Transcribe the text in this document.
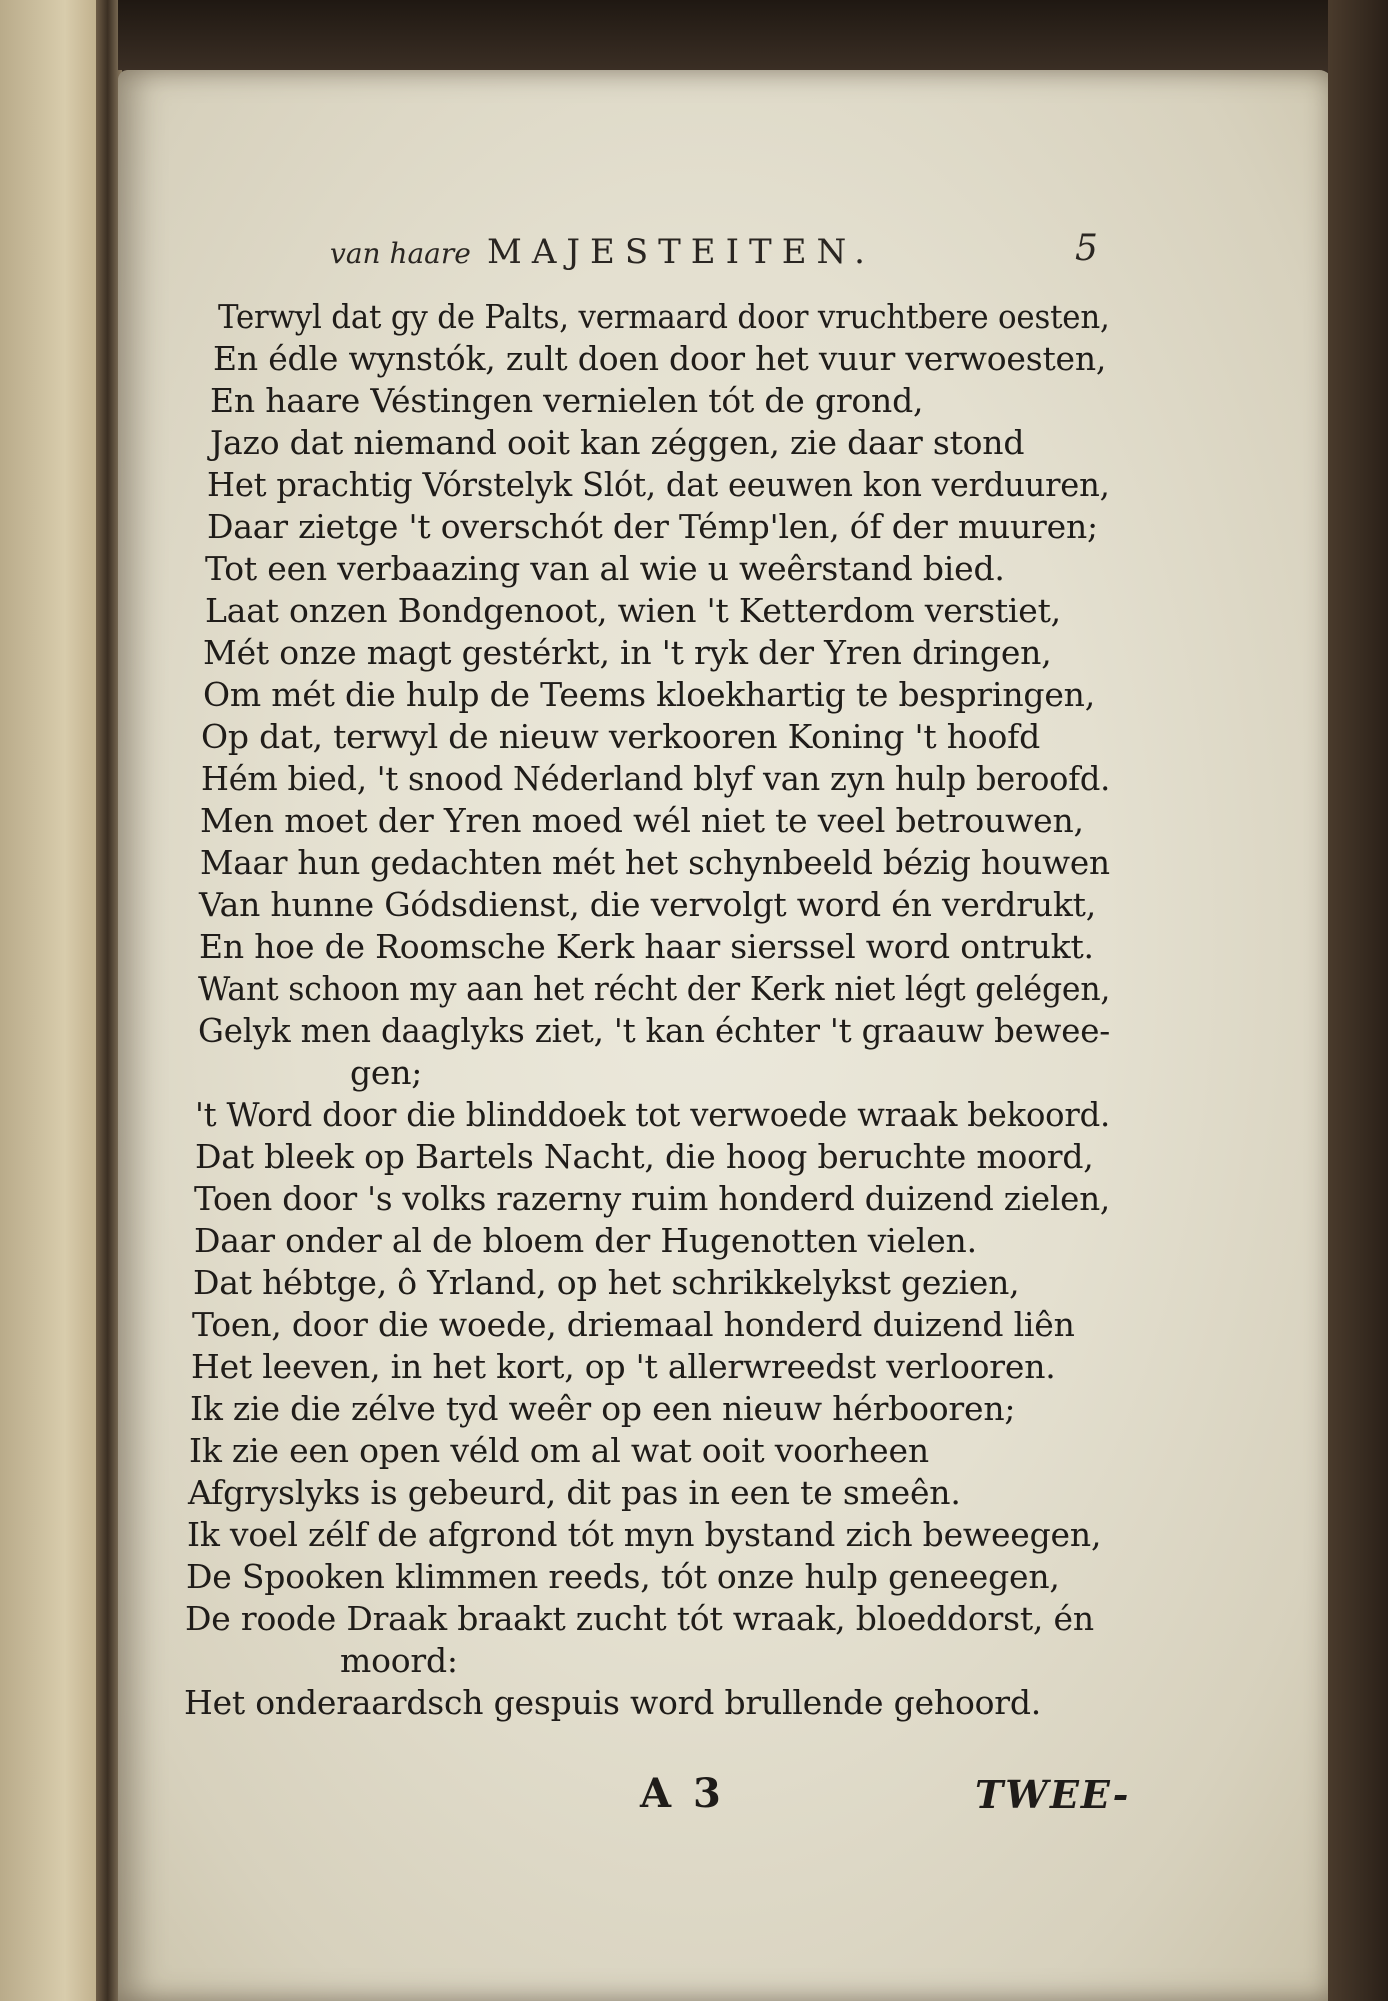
van haare MAJESTEITEN.	5
Terwyl dat gy de Palts, vermaard door vruchtbere oesten,
En édle wynstók, zult doen door het vuur verwoesten,
En haare Véstingen vernielen tót de grond,
Jazo dat niemand ooit kan zéggen, zie daar stond
Het prachtig Vórstelyk Slót, dat eeuwen kon verduuren,
Daar zietge 't overschót der Témp'len, óf der muuren;
Tot een verbaazing van al wie u weêrstand bied.
Laat onzen Bondgenoot, wien 't Ketterdom verstiet,
Mét onze magt gestérkt, in 't ryk der Yren dringen,
Om mét die hulp de Teems kloekhartig te bespringen,
Op dat, terwyl de nieuw verkooren Koning 't hoofd
Hém bied, 't snood Néderland blyf van zyn hulp beroofd.
Men moet der Yren moed wél niet te veel betrouwen,
Maar hun gedachten mét het schynbeeld bézig houwen
Van hunne Gódsdienst, die vervolgt word én verdrukt,
En hoe de Roomsche Kerk haar sierssel word ontrukt.
Want schoon my aan het récht der Kerk niet légt gelégen,
Gelyk men daaglyks ziet, 't kan échter 't graauw bewee-
gen;
't Word door die blinddoek tot verwoede wraak bekoord.
Dat bleek op Bartels Nacht, die hoog beruchte moord,
Toen door 's volks razerny ruim honderd duizend zielen,
Daar onder al de bloem der Hugenotten vielen.
Dat hébtge, ô Yrland, op het schrikkelykst gezien,
Toen, door die woede, driemaal honderd duizend liên
Het leeven, in het kort, op 't allerwreedst verlooren.
Ik zie die zélve tyd weêr op een nieuw hérbooren;
Ik zie een open véld om al wat ooit voorheen
Afgryslyks is gebeurd, dit pas in een te smeên.
Ik voel zélf de afgrond tót myn bystand zich beweegen,
De Spooken klimmen reeds, tót onze hulp geneegen,
De roode Draak braakt zucht tót wraak, bloeddorst, én
moord:
Het onderaardsch gespuis word brullende gehoord.
A 3	TWEE-
